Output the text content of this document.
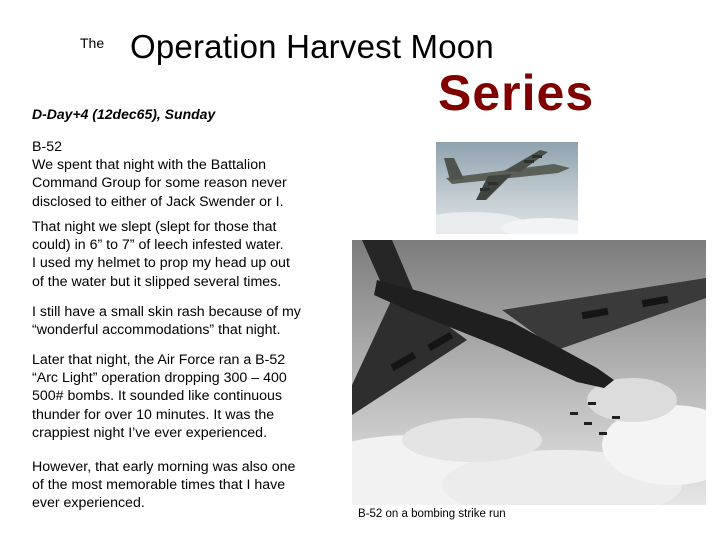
The Operation Harvest Moon
Series
D-Day+4 (12dec65), Sunday
B-52
We spent that night with the Battalion
Command Group for some reason never
disclosed to either of Jack Swender or I.
That night we slept (slept for those that
could) in 6” to 7” of leech infested water.
I used my helmet to prop my head up out
of the water but it slipped several times.
I still have a small skin rash because of my
“wonderful accommodations” that night.
Later that night, the Air Force ran a B-52
“Arc Light” operation dropping 300 – 400
500# bombs. It sounded like continuous
thunder for over 10 minutes. It was the
crappiest night I’ve ever experienced.
However, that early morning was also one
of the most memorable times that I have
ever experienced.
B-52 on a bombing strike run
